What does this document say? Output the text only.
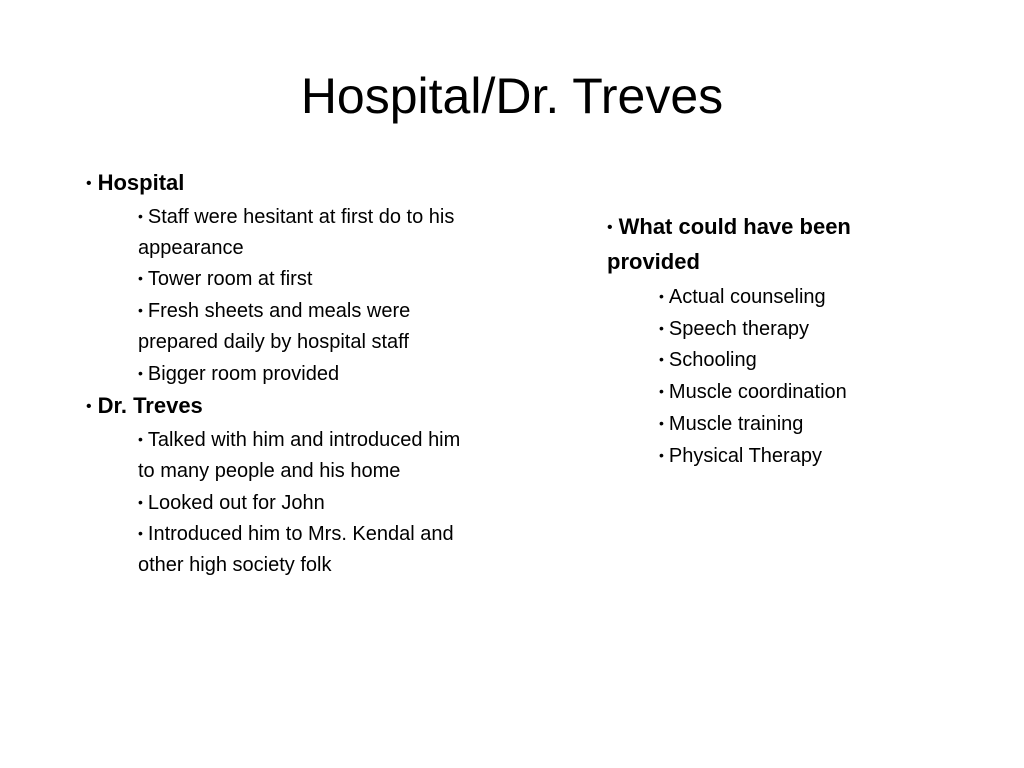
Hospital/Dr. Treves

• Hospital

• Staff were hesitant at first do to his appearance
• Tower room at first
• Fresh sheets and meals were prepared daily by hospital staff
• Bigger room provided

• Dr. Treves

• Talked with him and introduced him to many people and his home
• Looked out for John
• Introduced him to Mrs. Kendal and other high society folk

• What could have been provided

• Actual counseling
• Speech therapy
• Schooling
• Muscle coordination
• Muscle training
• Physical Therapy
